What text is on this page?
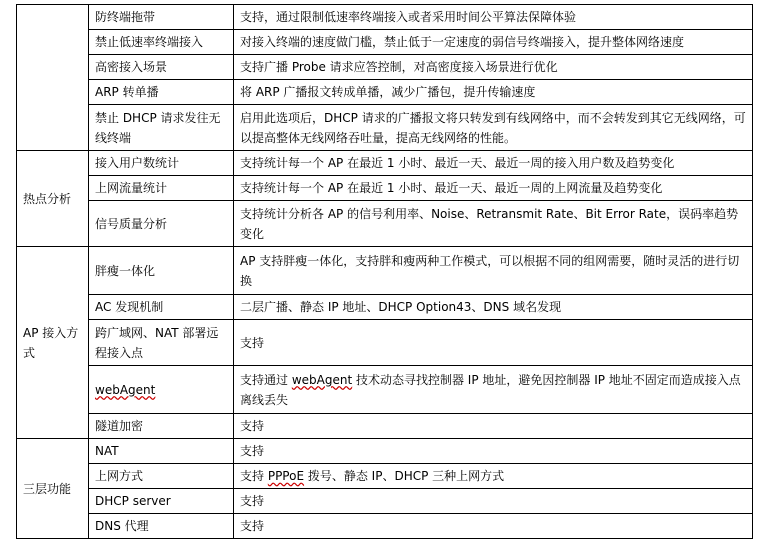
	防终端拖带	支持，通过限制低速率终端接入或者采用时间公平算法保障体验
	禁止低速率终端接入	对接入终端的速度做门槛，禁止低于一定速度的弱信号终端接入，提升整体网络速度
	高密接入场景	支持广播 Probe 请求应答控制，对高密度接入场景进行优化
	ARP 转单播	将 ARP 广播报文转成单播，减少广播包，提升传输速度
	禁止 DHCP 请求发往无线终端	启用此选项后，DHCP 请求的广播报文将只转发到有线网络中，而不会转发到其它无线网络，可以提高整体无线网络吞吐量，提高无线网络的性能。
热点分析	接入用户数统计	支持统计每一个 AP 在最近 1 小时、最近一天、最近一周的接入用户数及趋势变化
	上网流量统计	支持统计每一个 AP 在最近 1 小时、最近一天、最近一周的上网流量及趋势变化
	信号质量分析	支持统计分析各 AP 的信号利用率、Noise、Retransmit Rate、Bit Error Rate，误码率趋势变化
AP 接入方式	胖瘦一体化	AP 支持胖瘦一体化，支持胖和瘦两种工作模式，可以根据不同的组网需要，随时灵活的进行切换
	AC 发现机制	二层广播、静态 IP 地址、DHCP Option43、DNS 域名发现
	跨广域网、NAT 部署远程接入点	支持
	webAgent	支持通过 webAgent 技术动态寻找控制器 IP 地址，避免因控制器 IP 地址不固定而造成接入点离线丢失
	隧道加密	支持
三层功能	NAT	支持
	上网方式	支持 PPPoE 拨号、静态 IP、DHCP 三种上网方式
	DHCP server	支持
	DNS 代理	支持
